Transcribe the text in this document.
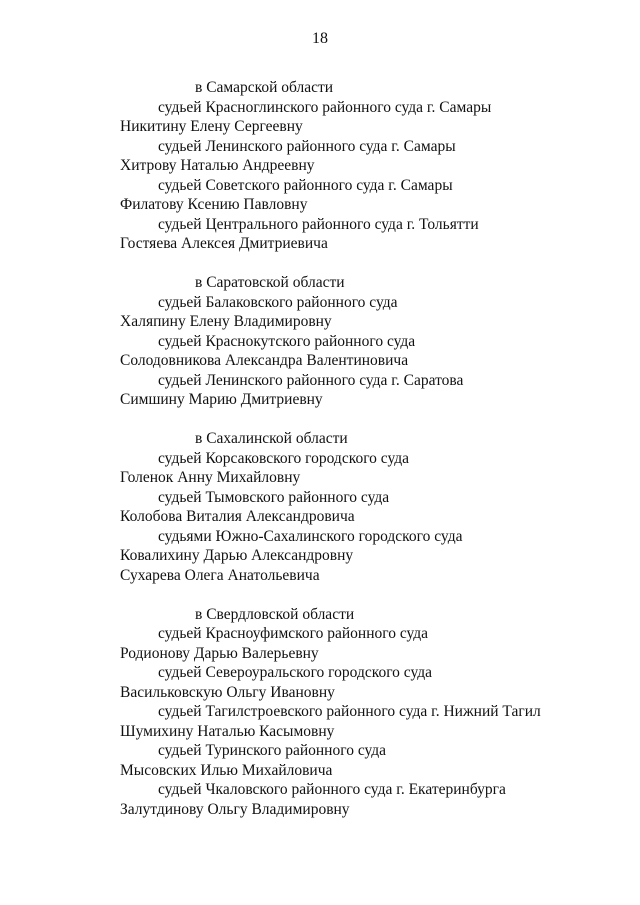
18
в Самарской области
судьей Красноглинского районного суда г. Самары
Никитину Елену Сергеевну
судьей Ленинского районного суда г. Самары
Хитрову Наталью Андреевну
судьей Советского районного суда г. Самары
Филатову Ксению Павловну
судьей Центрального районного суда г. Тольятти
Гостяева Алексея Дмитриевича
в Саратовской области
судьей Балаковского районного суда
Халяпину Елену Владимировну
судьей Краснокутского районного суда
Солодовникова Александра Валентиновича
судьей Ленинского районного суда г. Саратова
Симшину Марию Дмитриевну
в Сахалинской области
судьей Корсаковского городского суда
Голенок Анну Михайловну
судьей Тымовского районного суда
Колобова Виталия Александровича
судьями Южно-Сахалинского городского суда
Ковалихину Дарью Александровну
Сухарева Олега Анатольевича
в Свердловской области
судьей Красноуфимского районного суда
Родионову Дарью Валерьевну
судьей Североуральского городского суда
Васильковскую Ольгу Ивановну
судьей Тагилстроевского районного суда г. Нижний Тагил
Шумихину Наталью Касымовну
судьей Туринского районного суда
Мысовских Илью Михайловича
судьей Чкаловского районного суда г. Екатеринбурга
Залутдинову Ольгу Владимировну
